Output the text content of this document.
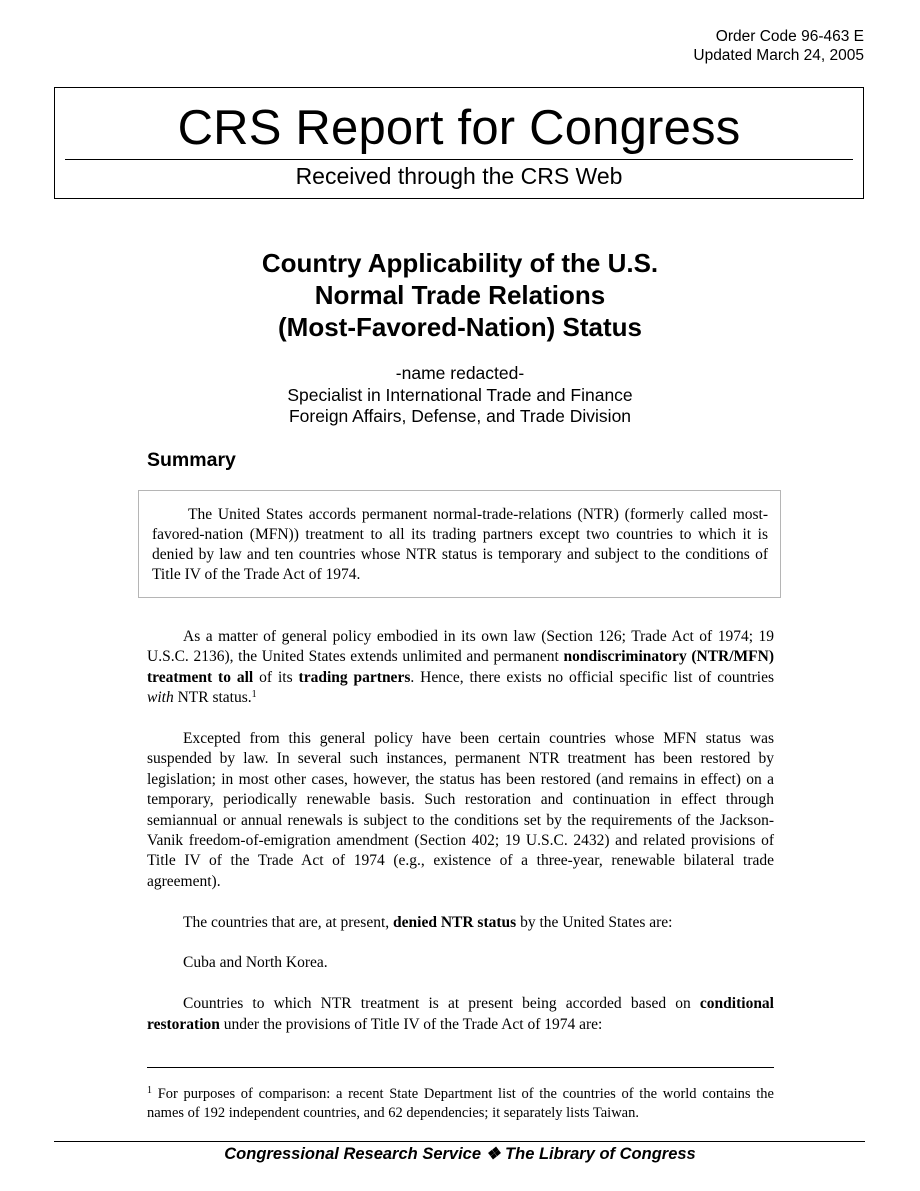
Order Code 96-463 E
Updated March 24, 2005
CRS Report for Congress
Received through the CRS Web
Country Applicability of the U.S.
Normal Trade Relations
(Most-Favored-Nation) Status
-name redacted-
Specialist in International Trade and Finance
Foreign Affairs, Defense, and Trade Division
Summary

The United States accords permanent normal-trade-relations (NTR) (formerly called most-favored-nation (MFN)) treatment to all its trading partners except two countries to which it is denied by law and ten countries whose NTR status is temporary and subject to the conditions of Title IV of the Trade Act of 1974.

As a matter of general policy embodied in its own law (Section 126; Trade Act of 1974; 19 U.S.C. 2136), the United States extends unlimited and permanent nondiscriminatory (NTR/MFN) treatment to all of its trading partners. Hence, there exists no official specific list of countries with NTR status.$^1$

Excepted from this general policy have been certain countries whose MFN status was suspended by law. In several such instances, permanent NTR treatment has been restored by legislation; in most other cases, however, the status has been restored (and remains in effect) on a temporary, periodically renewable basis. Such restoration and continuation in effect through semiannual or annual renewals is subject to the conditions set by the requirements of the Jackson-Vanik freedom-of-emigration amendment (Section 402; 19 U.S.C. 2432) and related provisions of Title IV of the Trade Act of 1974 (e.g., existence of a three-year, renewable bilateral trade agreement).

The countries that are, at present, denied NTR status by the United States are:

Cuba and North Korea.

Countries to which NTR treatment is at present being accorded based on conditional restoration under the provisions of Title IV of the Trade Act of 1974 are:

$^1$ For purposes of comparison: a recent State Department list of the countries of the world contains the names of 192 independent countries, and 62 dependencies; it separately lists Taiwan.
Congressional Research Service ❖ The Library of Congress
